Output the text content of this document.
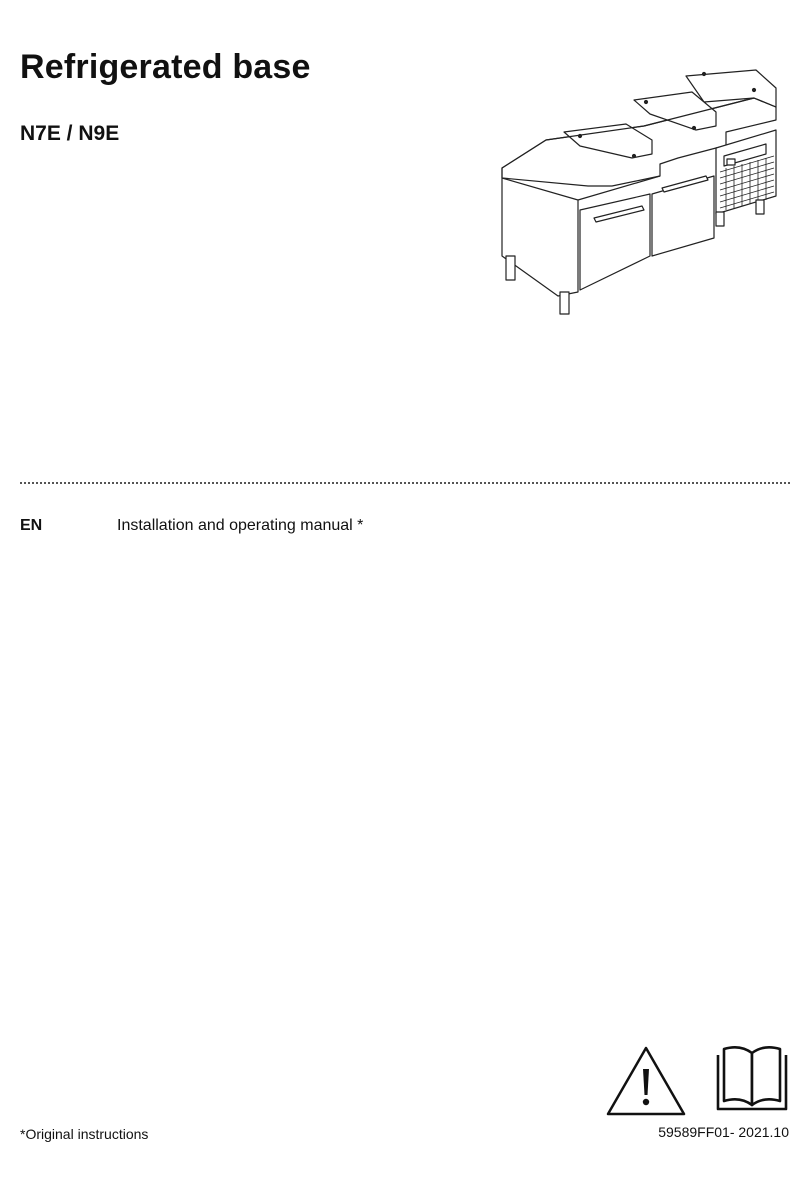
Refrigerated base
N7E / N9E
EN	Installation and operating manual *
*Original instructions	59589FF01- 2021.10
